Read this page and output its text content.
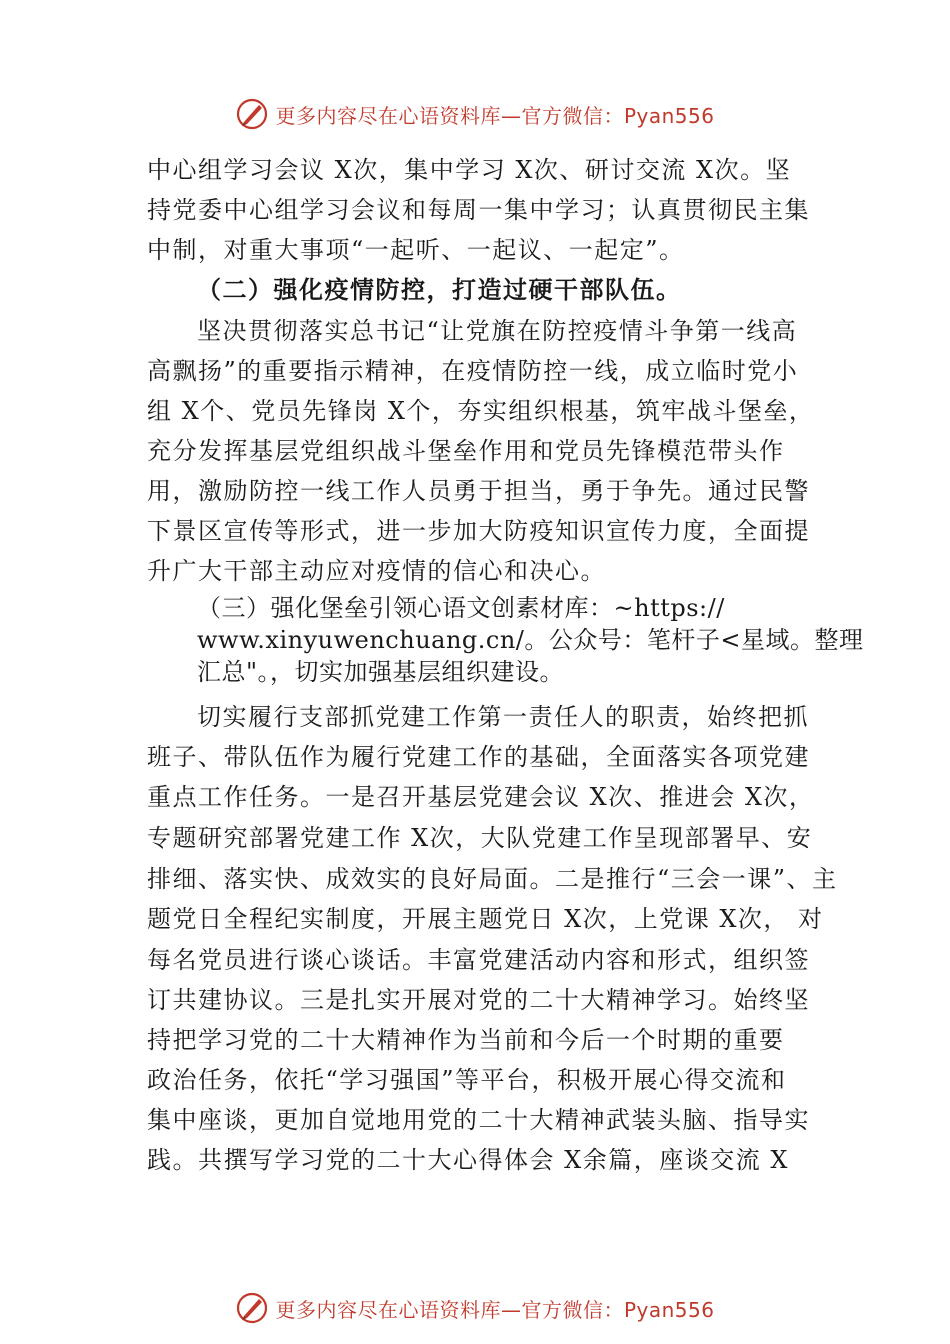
更多内容尽在心语资料库—官方微信：Pyan556
中心组学习会议 X次，集中学习 X次、研讨交流 X次。坚
持党委中心组学习会议和每周一集中学习；认真贯彻民主集
中制，对重大事项“一起听、一起议、一起定”。
（二）强化疫情防控，打造过硬干部队伍。
坚决贯彻落实总书记“让党旗在防控疫情斗争第一线高
高飘扬”的重要指示精神，在疫情防控一线，成立临时党小
组 X个、党员先锋岗 X个，夯实组织根基，筑牢战斗堡垒，
充分发挥基层党组织战斗堡垒作用和党员先锋模范带头作
用，激励防控一线工作人员勇于担当，勇于争先。通过民警
下景区宣传等形式，进一步加大防疫知识宣传力度，全面提
升广大干部主动应对疫情的信心和决心。
（三）强化堡垒引领心语文创素材库：~https://
www.xinyuwenchuang.cn/。公众号：笔杆子<星域。整理
汇总"。，切实加强基层组织建设。
切实履行支部抓党建工作第一责任人的职责，始终把抓
班子、带队伍作为履行党建工作的基础，全面落实各项党建
重点工作任务。一是召开基层党建会议 X次、推进会 X次，
专题研究部署党建工作 X次，大队党建工作呈现部署早、安
排细、落实快、成效实的良好局面。二是推行“三会一课”、主
题党日全程纪实制度，开展主题党日 X次，上党课 X次， 对
每名党员进行谈心谈话。丰富党建活动内容和形式，组织签
订共建协议。三是扎实开展对党的二十大精神学习。始终坚
持把学习党的二十大精神作为当前和今后一个时期的重要
政治任务，依托“学习强国”等平台，积极开展心得交流和
集中座谈，更加自觉地用党的二十大精神武装头脑、指导实
践。共撰写学习党的二十大心得体会 X余篇，座谈交流 X
更多内容尽在心语资料库—官方微信：Pyan556
